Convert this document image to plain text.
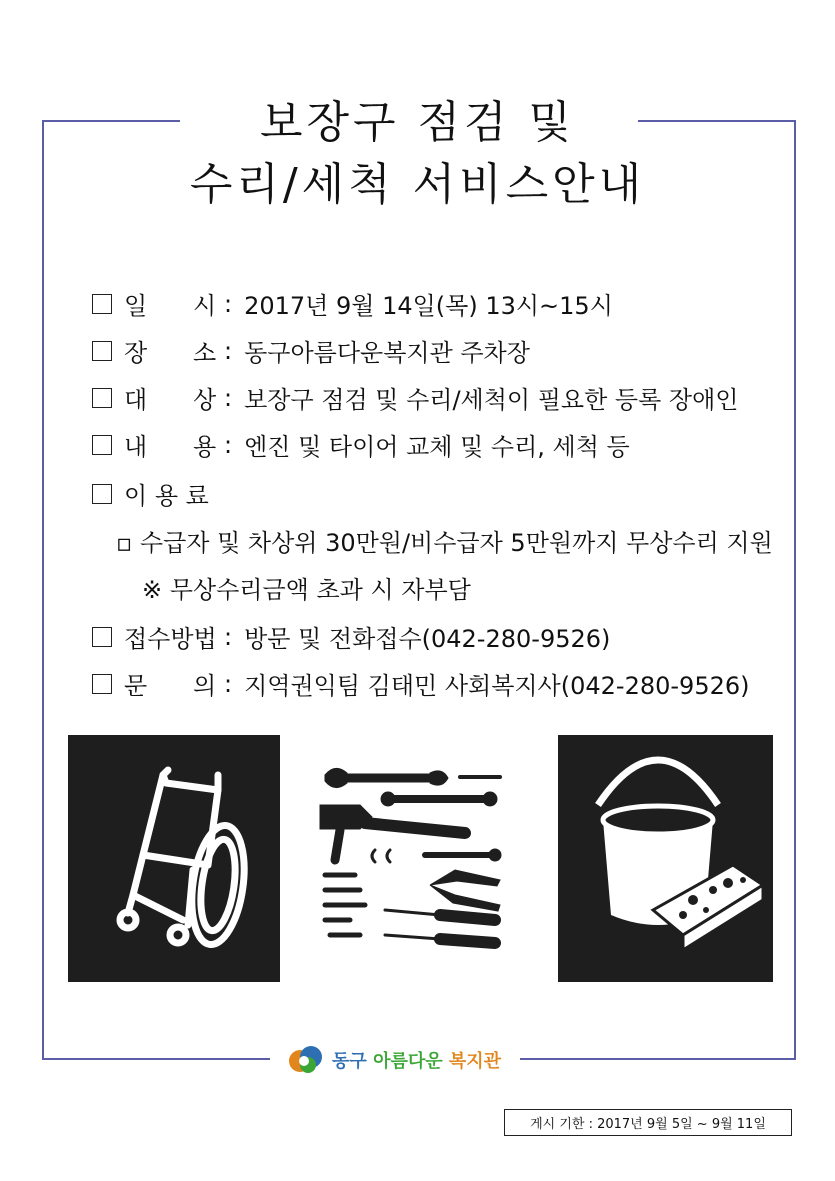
보장구 점검 및
수리/세척 서비스안내
일      시 : 2017년 9월 14일(목) 13시~15시
장      소 : 동구아름다운복지관 주차장
대      상 : 보장구 점검 및 수리/세척이 필요한 등록 장애인
내      용 : 엔진 및 타이어 교체 및 수리, 세척 등
이 용 료
▫ 수급자 및 차상위 30만원/비수급자 5만원까지 무상수리 지원
※ 무상수리금액 초과 시 자부담
접수방법 : 방문 및 전화접수(042-280-9526)
문      의 : 지역권익팀 김태민 사회복지사(042-280-9526)
동구 아름다운 복지관
게시 기한 : 2017년 9월 5일 ~ 9월 11일
